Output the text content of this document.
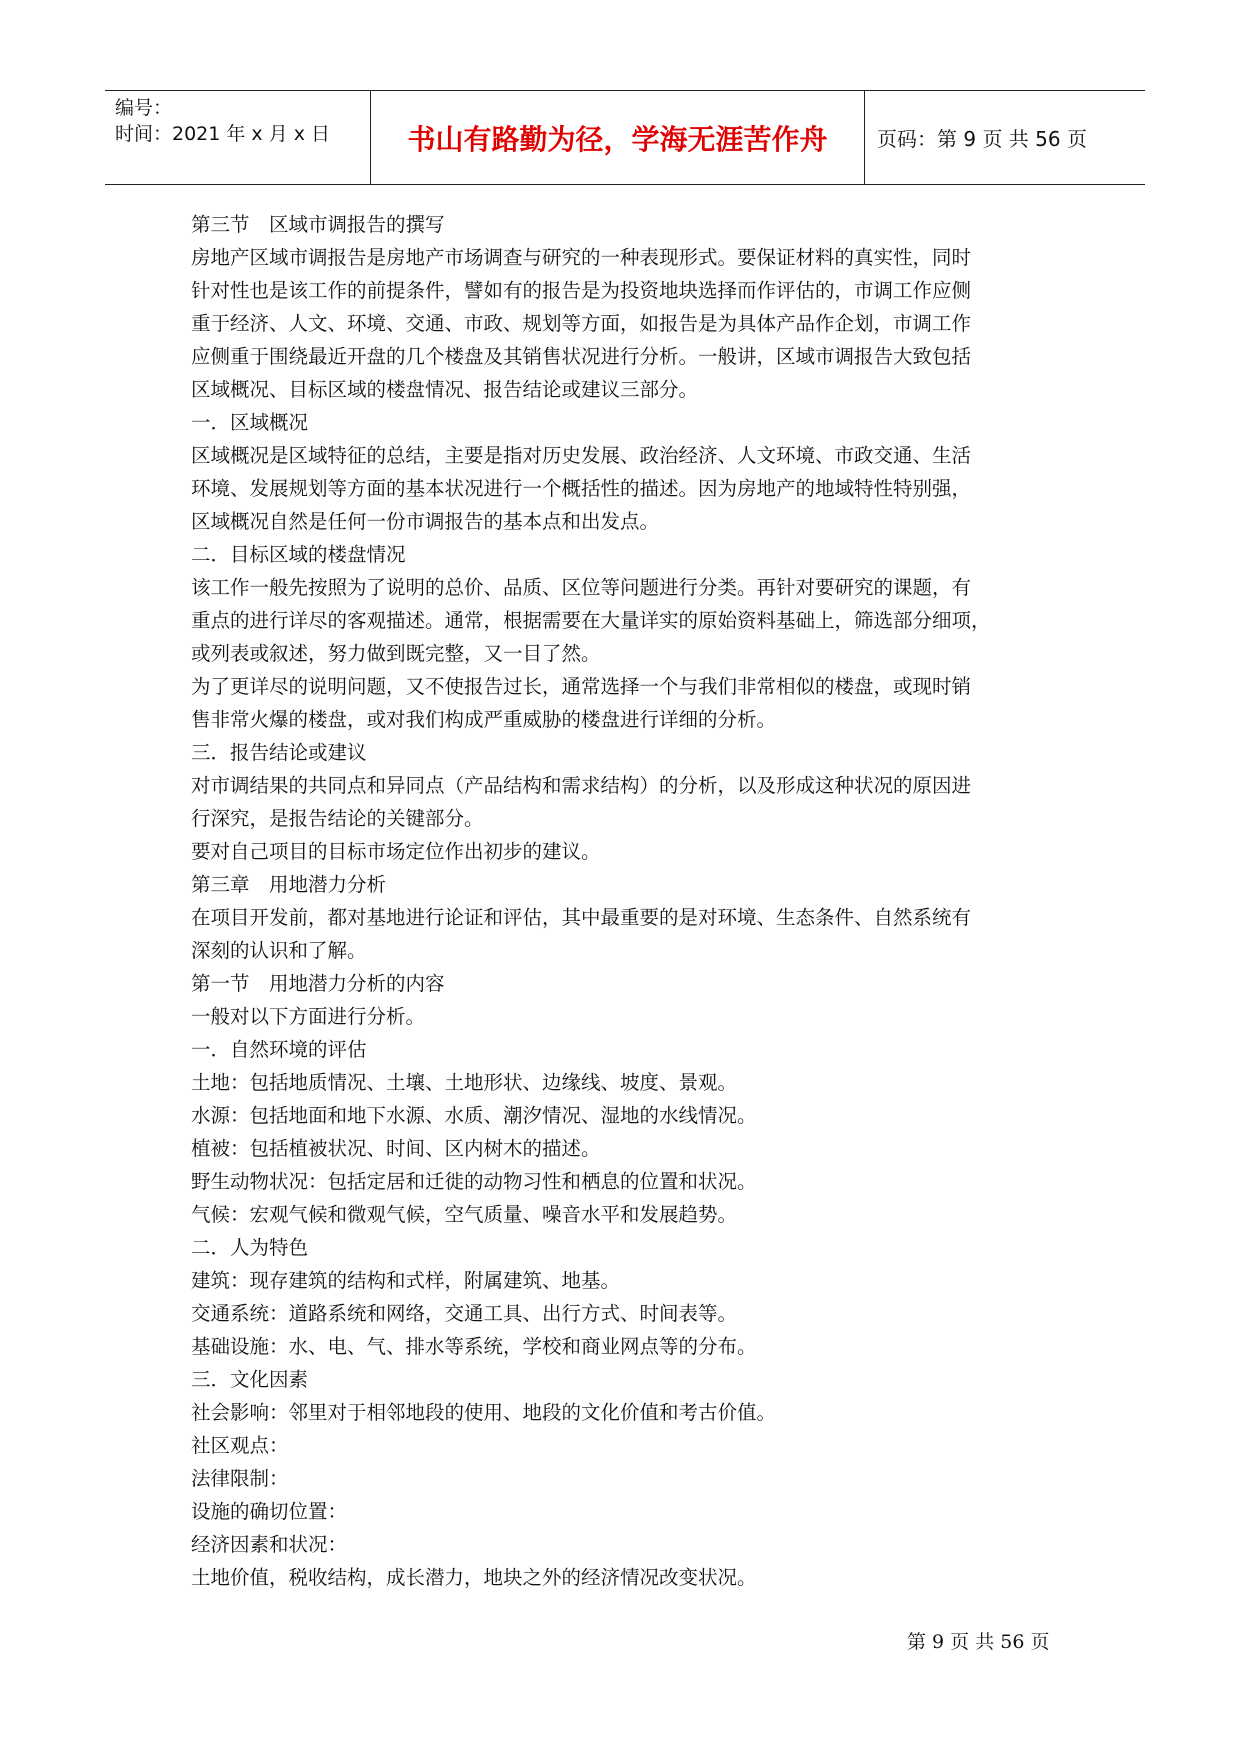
编号：
时间：2021 年 x 月 x 日	书山有路勤为径，学海无涯苦作舟	页码：第 9 页 共 56 页
第三节　区域市调报告的撰写
房地产区域市调报告是房地产市场调查与研究的一种表现形式。要保证材料的真实性，同时
针对性也是该工作的前提条件，譬如有的报告是为投资地块选择而作评估的，市调工作应侧
重于经济、人文、环境、交通、市政、规划等方面，如报告是为具体产品作企划，市调工作
应侧重于围绕最近开盘的几个楼盘及其销售状况进行分析。一般讲，区域市调报告大致包括
区域概况、目标区域的楼盘情况、报告结论或建议三部分。
一．区域概况
区域概况是区域特征的总结，主要是指对历史发展、政治经济、人文环境、市政交通、生活
环境、发展规划等方面的基本状况进行一个概括性的描述。因为房地产的地域特性特别强，
区域概况自然是任何一份市调报告的基本点和出发点。
二．目标区域的楼盘情况
该工作一般先按照为了说明的总价、品质、区位等问题进行分类。再针对要研究的课题，有
重点的进行详尽的客观描述。通常，根据需要在大量详实的原始资料基础上，筛选部分细项，
或列表或叙述，努力做到既完整，又一目了然。
为了更详尽的说明问题，又不使报告过长，通常选择一个与我们非常相似的楼盘，或现时销
售非常火爆的楼盘，或对我们构成严重威胁的楼盘进行详细的分析。
三．报告结论或建议
对市调结果的共同点和异同点（产品结构和需求结构）的分析，以及形成这种状况的原因进
行深究，是报告结论的关键部分。
要对自己项目的目标市场定位作出初步的建议。
第三章　用地潜力分析
在项目开发前，都对基地进行论证和评估，其中最重要的是对环境、生态条件、自然系统有
深刻的认识和了解。
第一节　用地潜力分析的内容
一般对以下方面进行分析。
一．自然环境的评估
土地：包括地质情况、土壤、土地形状、边缘线、坡度、景观。
水源：包括地面和地下水源、水质、潮汐情况、湿地的水线情况。
植被：包括植被状况、时间、区内树木的描述。
野生动物状况：包括定居和迁徙的动物习性和栖息的位置和状况。
气候：宏观气候和微观气候，空气质量、噪音水平和发展趋势。
二．人为特色
建筑：现存建筑的结构和式样，附属建筑、地基。
交通系统：道路系统和网络，交通工具、出行方式、时间表等。
基础设施：水、电、气、排水等系统，学校和商业网点等的分布。
三．文化因素
社会影响：邻里对于相邻地段的使用、地段的文化价值和考古价值。
社区观点：
法律限制：
设施的确切位置：
经济因素和状况：
土地价值，税收结构，成长潜力，地块之外的经济情况改变状况。
第 9 页 共 56 页
